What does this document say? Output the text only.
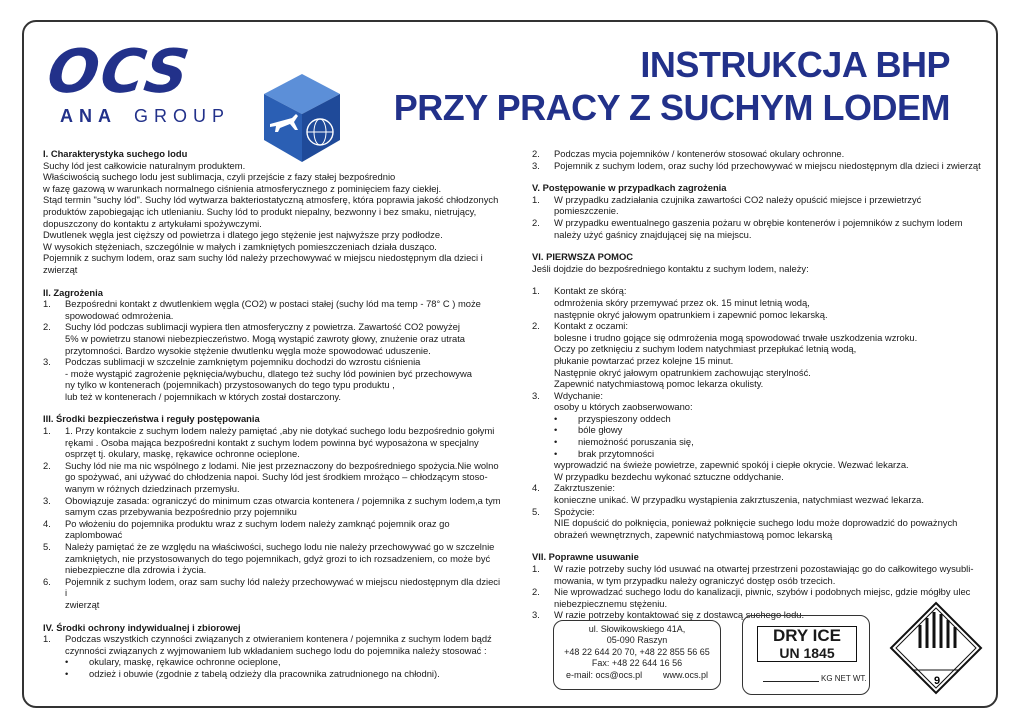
OCS
ANA GROUP
INSTRUKCJA BHP
PRZY PRACY Z SUCHYM LODEM
I. Charakterystyka suchego lodu
Suchy lód jest całkowicie naturalnym produktem.
Właściwością suchego lodu jest sublimacja, czyli przejście z fazy stałej bezpośrednio
w fazę gazową w warunkach normalnego ciśnienia atmosferycznego z pominięciem fazy ciekłej.
Stąd termin "suchy lód". Suchy lód wytwarza bakteriostatyczną atmosferę, która poprawia jakość chłodzonych
produktów zapobiegając ich utlenianiu. Suchy lód to produkt niepalny, bezwonny i bez smaku, nietrujący,
dopuszczony do kontaktu z artykułami spożywczymi.
Dwutlenek węgla jest cięższy od powietrza i dlatego jego stężenie jest najwyższe przy podłodze.
W wysokich stężeniach, szczególnie w małych i zamkniętych pomieszczeniach działa dusząco.
Pojemnik z suchym lodem, oraz sam suchy lód należy przechowywać w miejscu niedostępnym dla dzieci i
zwierząt
II. Zagrożenia
1.	Bezpośredni kontakt z dwutlenkiem węgla (CO2) w postaci stałej (suchy lód ma temp - 78° C ) może
spowodować odmrożenia.
2.	Suchy lód podczas sublimacji wypiera tlen atmosferyczny z powietrza. Zawartość CO2 powyżej
5% w powietrzu stanowi niebezpieczeństwo. Mogą wystąpić zawroty głowy, znużenie oraz utrata
przytomności. Bardzo wysokie stężenie dwutlenku węgla może spowodować uduszenie.
3.	Podczas sublimacji w szczelnie zamkniętym pojemniku dochodzi do wzrostu ciśnienia
- może wystąpić zagrożenie pęknięcia/wybuchu, dlatego też suchy lód powinien być przechowywa
ny tylko w kontenerach (pojemnikach) przystosowanych do tego typu produktu ,
lub też w kontenerach / pojemnikach w których został dostarczony.
III. Środki bezpieczeństwa i reguły postępowania
1.	1. Przy kontakcie z suchym lodem należy pamiętać ,aby nie dotykać suchego lodu bezpośrednio gołymi
rękami . Osoba mająca bezpośredni kontakt z suchym lodem powinna być wyposażona w specjalny
osprzęt tj. okulary, maskę, rękawice ochronne ocieplone.
2.	Suchy lód nie ma nic wspólnego z lodami. Nie jest przeznaczony do bezpośredniego spożycia.Nie wolno
go spożywać, ani używać do chłodzenia napoi. Suchy lód jest środkiem mrożąco – chłodzącym stoso-
wanym w różnych dziedzinach przemysłu.
3.	Obowiązuje zasada: ograniczyć do minimum czas otwarcia kontenera / pojemnika z suchym lodem,a tym
samym czas przebywania bezpośrednio przy pojemniku
4.	Po włożeniu do pojemnika produktu wraz z suchym lodem należy zamknąć pojemnik oraz go
zaplombować
5.	Należy pamiętać że ze względu na właściwości, suchego lodu nie należy przechowywać go w szczelnie
zamkniętych, nie przystosowanych do tego pojemnikach, gdyż grozi to ich rozsadzeniem, co może być
niebezpieczne dla zdrowia i życia.
6.	Pojemnik z suchym lodem, oraz sam suchy lód należy przechowywać w miejscu niedostępnym dla dzieci i
zwierząt
IV. Środki ochrony indywidualnej i zbiorowej
1.	Podczas wszystkich czynności związanych z otwieraniem kontenera / pojemnika z suchym lodem bądź
czynności związanych z wyjmowaniem lub wkładaniem suchego lodu do pojemnika należy stosować :
•	okulary, maskę, rękawice ochronne ocieplone,
•	odzież i obuwie (zgodnie z tabelą odzieży dla pracownika zatrudnionego na chłodni).
2.	Podczas mycia pojemników / kontenerów stosować okulary ochronne.
3.	Pojemnik z suchym lodem, oraz suchy lód przechowywać w miejscu niedostępnym dla dzieci i zwierząt
V. Postępowanie w przypadkach zagrożenia
1.	W przypadku zadziałania czujnika zawartości CO2 należy opuścić miejsce i przewietrzyć pomieszczenie.
2.	W przypadku ewentualnego gaszenia pożaru w obrębie kontenerów i pojemników z suchym lodem
należy użyć gaśnicy znajdującej się na miejscu.
VI. PIERWSZA POMOC
Jeśli dojdzie do bezpośredniego kontaktu z suchym lodem, należy:
1.	Kontakt ze skórą:
odmrożenia skóry przemywać przez ok. 15 minut letnią wodą,
następnie okryć jałowym opatrunkiem i zapewnić pomoc lekarską.
2.	Kontakt z oczami:
bolesne i trudno gojące się odmrożenia mogą spowodować trwałe uszkodzenia wzroku.
Oczy po zetknięciu z suchym lodem natychmiast przepłukać letnią wodą,
płukanie powtarzać przez kolejne 15 minut.
Następnie okryć jałowym opatrunkiem zachowując sterylność.
Zapewnić natychmiastową pomoc lekarza okulisty.
3.	Wdychanie:
osoby u których zaobserwowano:
•	przyspieszony oddech
•	bóle głowy
•	niemożność poruszania się,
•	brak przytomności
wyprowadzić na świeże powietrze, zapewnić spokój i ciepłe okrycie. Wezwać lekarza.
W przypadku bezdechu wykonać sztuczne oddychanie.
4.	Zakrztuszenie:
konieczne unikać. W przypadku wystąpienia zakrztuszenia, natychmiast wezwać lekarza.
5.	Spożycie:
NIE dopuścić do połknięcia, ponieważ połknięcie suchego lodu może doprowadzić do poważnych
obrażeń wewnętrznych, zapewnić natychmiastową pomoc lekarską
VII. Poprawne usuwanie
1.	W razie potrzeby suchy lód usuwać na otwartej przestrzeni pozostawiając go do całkowitego wysubli-
mowania, w tym przypadku należy ograniczyć dostęp osób trzecich.
2.	Nie wprowadzać suchego lodu do kanalizacji, piwnic, szybów i podobnych miejsc, gdzie mógłby ulec
niebezpiecznemu stężeniu.
3.	W razie potrzeby kontaktować się z dostawcą suchego lodu.
ul. Słowikowskiego 41A,
05-090 Raszyn
+48 22 644 20 70, +48 22 855 56 65
Fax: +48 22 644 16 56
e-mail: ocs@ocs.pl www.ocs.pl
DRY ICE
UN 1845
KG NET WT.	9
